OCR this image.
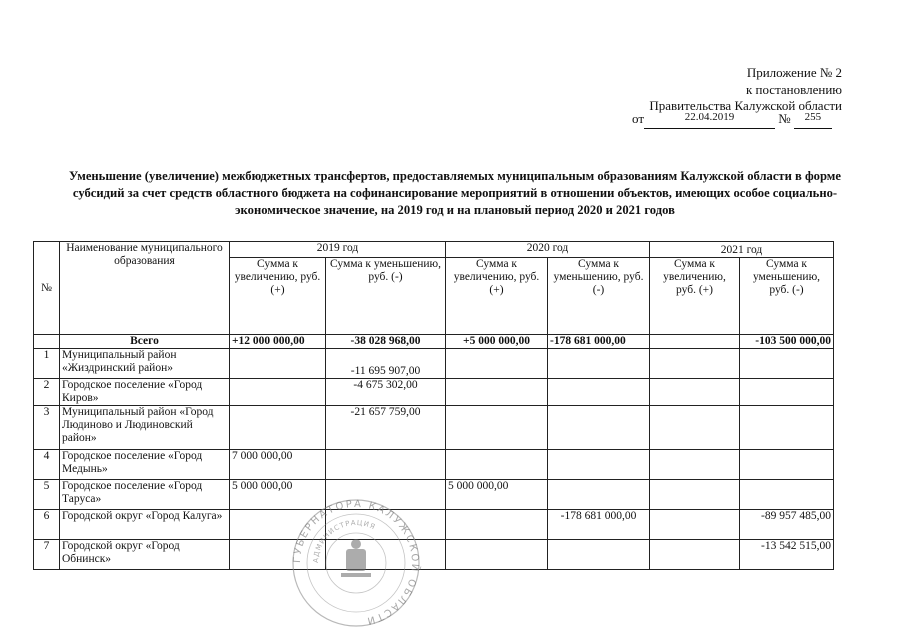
Приложение № 2
к постановлению
Правительства Калужской области
от	22.04.2019	№ 255
Уменьшение (увеличение) межбюджетных трансфертов, предоставляемых муниципальным образованиям Калужской области в форме субсидий за счет средств областного бюджета на софинансирование мероприятий в отношении объектов, имеющих особое социально-экономическое значение, на 2019 год и на плановый период 2020 и 2021 годов
№	Наименование муниципального образования	2019 год		2020 год		2021 год	
		Сумма к увеличению, руб. (+)	Сумма к уменьшению, руб. (-)	Сумма к увеличению, руб. (+)	Сумма к уменьшению, руб. (-)	Сумма к увеличению, руб. (+)	Сумма к уменьшению, руб. (-)
	Всего	+12 000 000,00	-38 028 968,00	+5 000 000,00	-178 681 000,00		-103 500 000,00
1	Муниципальный район «Жиздринский район»		-11 695 907,00				
2	Городское поселение «Город Киров»		-4 675 302,00				
3	Муниципальный район «Город Людиново и Людиновский район»		-21 657 759,00				
4	Городское поселение «Город Медынь»	7 000 000,00					
5	Городское поселение «Город Таруса»	5 000 000,00		5 000 000,00			
6	Городской округ «Город Калуга»				-178 681 000,00		-89 957 485,00
7	Городской округ «Город Обнинск»						-13 542 515,00
ГУБЕРНАТОРА КАЛУЖСКОЙ ОБЛАСТИ
АДМИНИСТРАЦИЯ
